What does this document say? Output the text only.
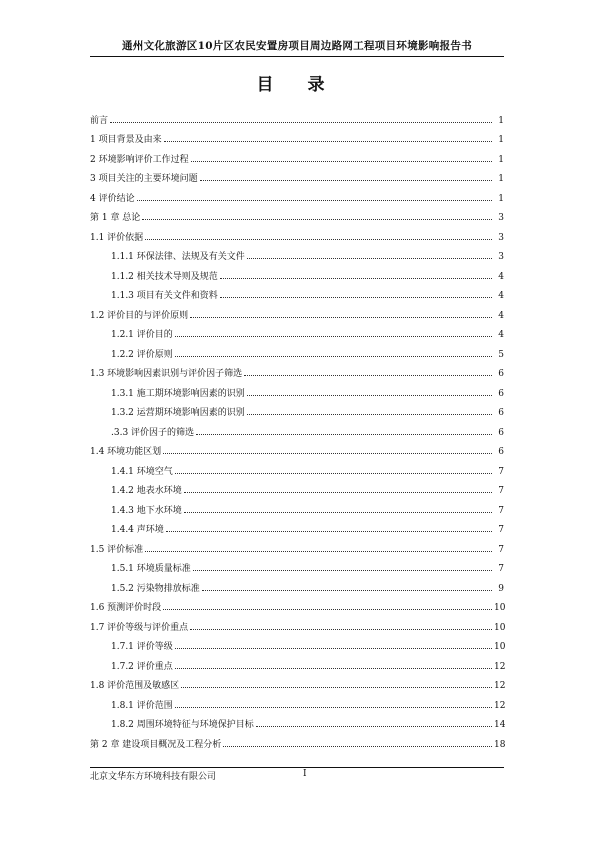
通州文化旅游区10片区农民安置房项目周边路网工程项目环境影响报告书
目 录
前言	1
1 项目背景及由来	1
2 环境影响评价工作过程	1
3 项目关注的主要环境问题	1
4 评价结论	1
第 1 章 总论	3
1.1 评价依据	3
1.1.1 环保法律、法规及有关文件	3
1.1.2 相关技术导则及规范	4
1.1.3 项目有关文件和资料	4
1.2 评价目的与评价原则	4
1.2.1 评价目的	4
1.2.2 评价原则	5
1.3 环境影响因素识别与评价因子筛选	6
1.3.1 施工期环境影响因素的识别	6
1.3.2 运营期环境影响因素的识别	6
.3.3 评价因子的筛选	6
1.4 环境功能区划	6
1.4.1 环境空气	7
1.4.2 地表水环境	7
1.4.3 地下水环境	7
1.4.4 声环境	7
1.5 评价标准	7
1.5.1 环境质量标准	7
1.5.2 污染物排放标准	9
1.6 预测评价时段	10
1.7 评价等级与评价重点	10
1.7.1 评价等级	10
1.7.2 评价重点	12
1.8 评价范围及敏感区	12
1.8.1 评价范围	12
1.8.2 周围环境特征与环境保护目标	14
第 2 章 建设项目概况及工程分析	18
北京文华东方环境科技有限公司	I
